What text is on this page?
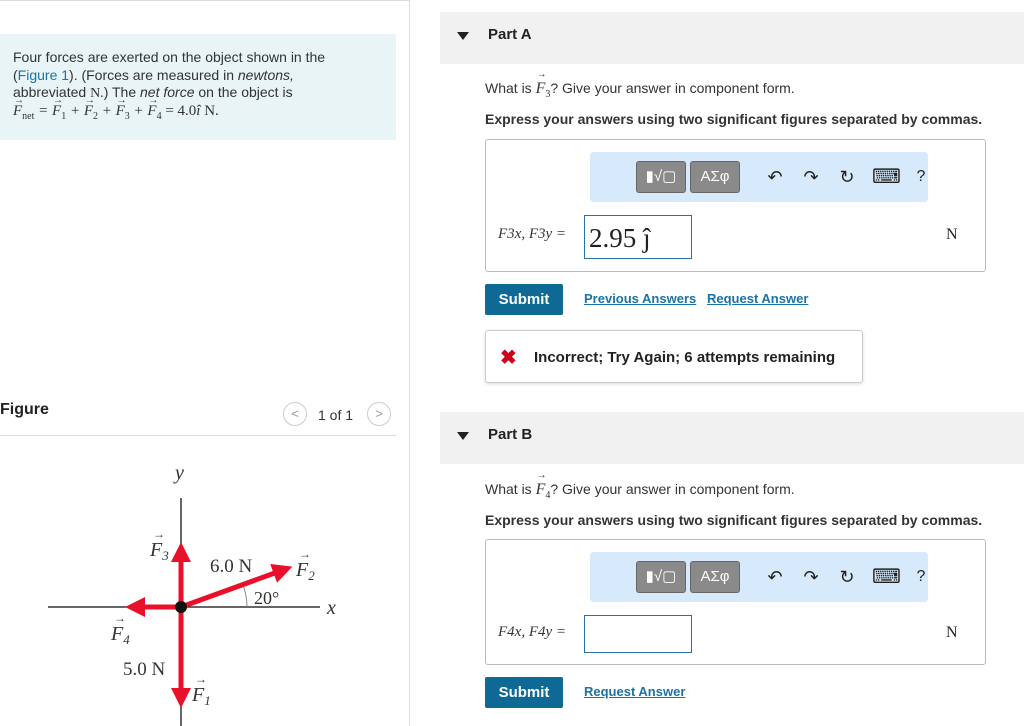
Four forces are exerted on the object shown in the
(Figure 1). (Forces are measured in newtons,
abbreviated N.) The net force on the object is
→ $F_{net}$ = → $F_1$ + → $F_2$ + → $F_3$ + → $F_4$ = 4.0î N.
Figure	<	1 of 1	>
y
x
6.0 N
20°
5.0 N
$F_3$
→
$F_2$
→
$F_4$
→
$F_1$
→
Part A
What is → $F_3$? Give your answer in component form.
Express your answers using two significant figures separated by commas.
▮√▢	ΑΣφ	↶	↷	↻ ⌨ ?
F3x, F3y = 2.95 ĵ	N
Submit	Previous Answers Request Answer
✖ Incorrect; Try Again; 6 attempts remaining
Part B
What is → $F_4$? Give your answer in component form.
Express your answers using two significant figures separated by commas.
▮√▢	ΑΣφ	↶	↷	↻ ⌨ ?
F4x, F4y =	N
Submit	Request Answer
